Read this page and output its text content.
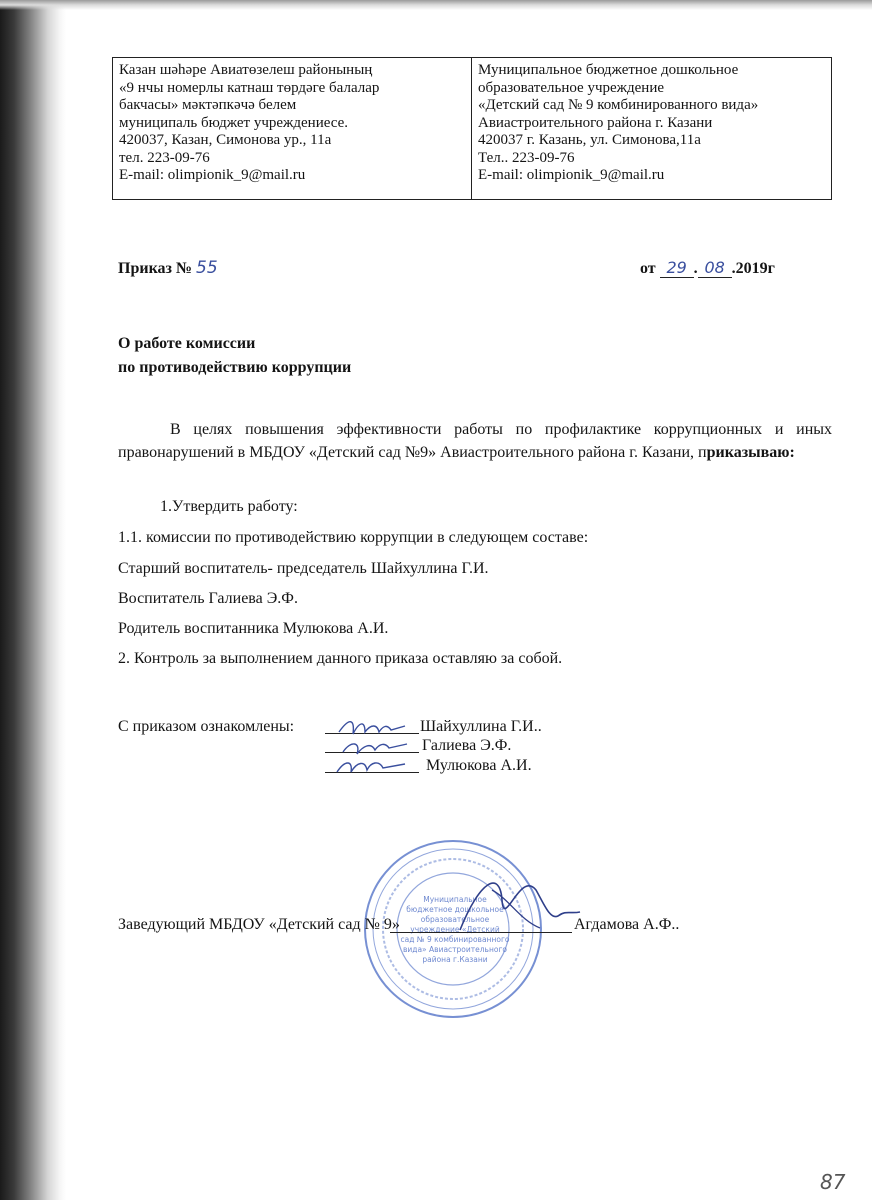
Казан шәһәре Авиатөзелеш районының
«9 нчы номерлы катнаш төрдәге балалар
бакчасы» мәктәпкәчә белем
муниципаль бюджет учреждениесе.
420037, Казан, Симонова ур., 11а
тел. 223-09-76
E-mail: olimpionik_9@mail.ru

Муниципальное бюджетное дошкольное
образовательное учреждение
«Детский сад № 9 комбинированного вида»
Авиастроительного района г. Казани
420037 г. Казань, ул. Симонова,11а
Тел.. 223-09-76
E-mail: olimpionik_9@mail.ru
Приказ № 55	от 29 . 08 .2019г
О работе комиссии
по противодействию коррупции
В целях повышения эффективности работы по профилактике коррупционных и иных правонарушений в МБДОУ «Детский сад №9» Авиастроительного района г. Казани, приказываю:
1.Утвердить работу:
1.1. комиссии по противодействию коррупции в следующем составе:
Старший воспитатель- председатель Шайхуллина Г.И.
Воспитатель Галиева Э.Ф.
Родитель воспитанника Мулюкова А.И.
2. Контроль за выполнением данного приказа оставляю за собой.
С приказом ознакомлены:	Шайхуллина Г.И..
Галиева Э.Ф.
Мулюкова А.И.
Муниципальное
бюджетное дошкольное
образовательное
учреждение «Детский
сад № 9 комбинированного
вида» Авиастроительного
района г.Казани
Заведующий МБДОУ «Детский сад № 9»	Агдамова А.Ф..
87
